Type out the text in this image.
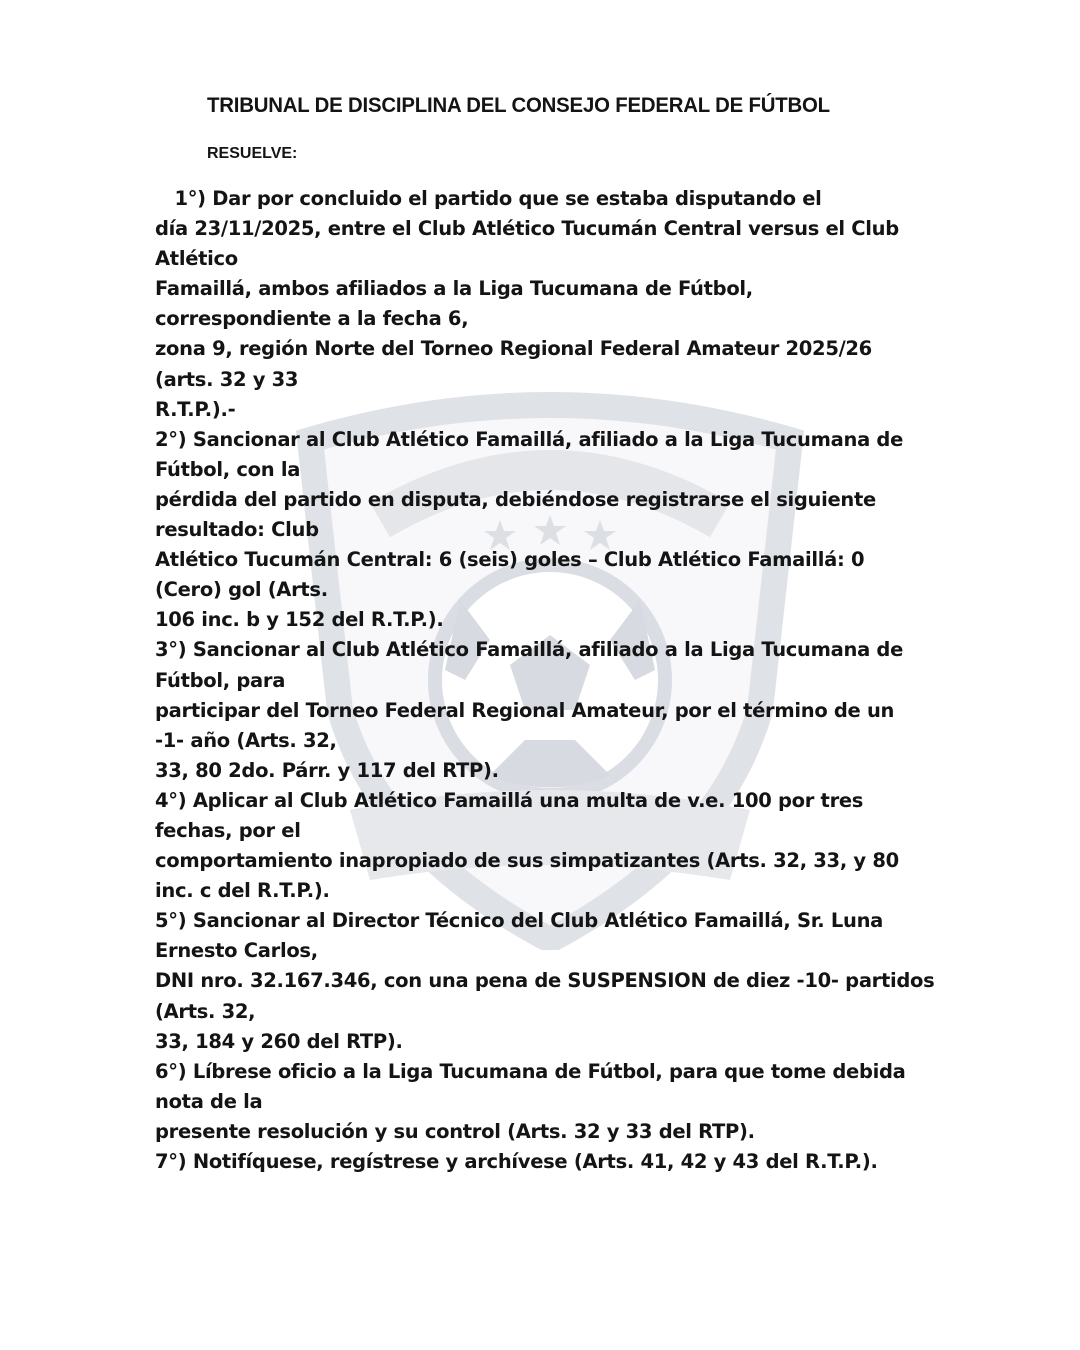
TRIBUNAL DE DISCIPLINA DEL CONSEJO FEDERAL DE FÚTBOL
RESUELVE:
1°) Dar por concluido el partido que se estaba disputando el
día 23/11/2025, entre el Club Atlético Tucumán Central versus el Club
Atlético
Famaillá, ambos afiliados a la Liga Tucumana de Fútbol,
correspondiente a la fecha 6,
zona 9, región Norte del Torneo Regional Federal Amateur 2025/26
(arts. 32 y 33
R.T.P.).-
2°) Sancionar al Club Atlético Famaillá, afiliado a la Liga Tucumana de
Fútbol, con la
pérdida del partido en disputa, debiéndose registrarse el siguiente
resultado: Club
Atlético Tucumán Central: 6 (seis) goles – Club Atlético Famaillá: 0
(Cero) gol (Arts.
106 inc. b y 152 del R.T.P.).
3°) Sancionar al Club Atlético Famaillá, afiliado a la Liga Tucumana de
Fútbol, para
participar del Torneo Federal Regional Amateur, por el término de un
-1- año (Arts. 32,
33, 80 2do. Párr. y 117 del RTP).
4°) Aplicar al Club Atlético Famaillá una multa de v.e. 100 por tres
fechas, por el
comportamiento inapropiado de sus simpatizantes (Arts. 32, 33, y 80
inc. c del R.T.P.).
5°) Sancionar al Director Técnico del Club Atlético Famaillá, Sr. Luna
Ernesto Carlos,
DNI nro. 32.167.346, con una pena de SUSPENSION de diez -10- partidos
(Arts. 32,
33, 184 y 260 del RTP).
6°) Líbrese oficio a la Liga Tucumana de Fútbol, para que tome debida
nota de la
presente resolución y su control (Arts. 32 y 33 del RTP).
7°) Notifíquese, regístrese y archívese (Arts. 41, 42 y 43 del R.T.P.).
